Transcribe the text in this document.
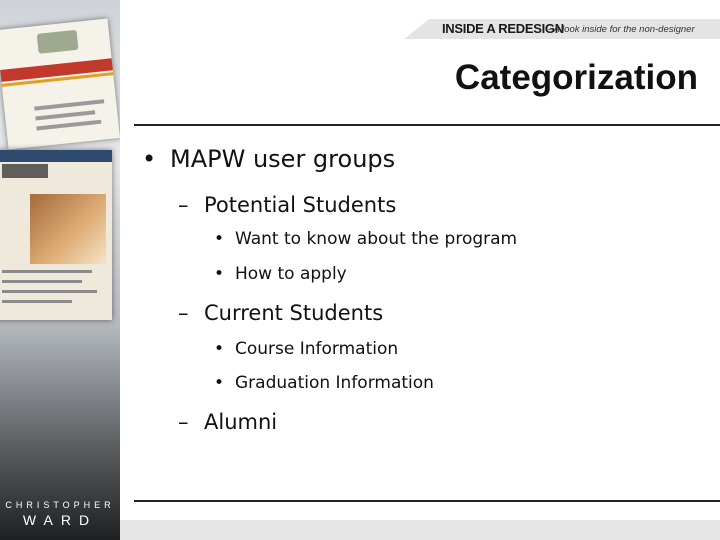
CHRISTOPHER
WARD
INSIDE A REDESIGN
- A look inside for the non-designer
Categorization
• MAPW user groups
– Potential Students
• Want to know about the program
• How to apply
– Current Students
• Course Information
• Graduation Information
– Alumni
